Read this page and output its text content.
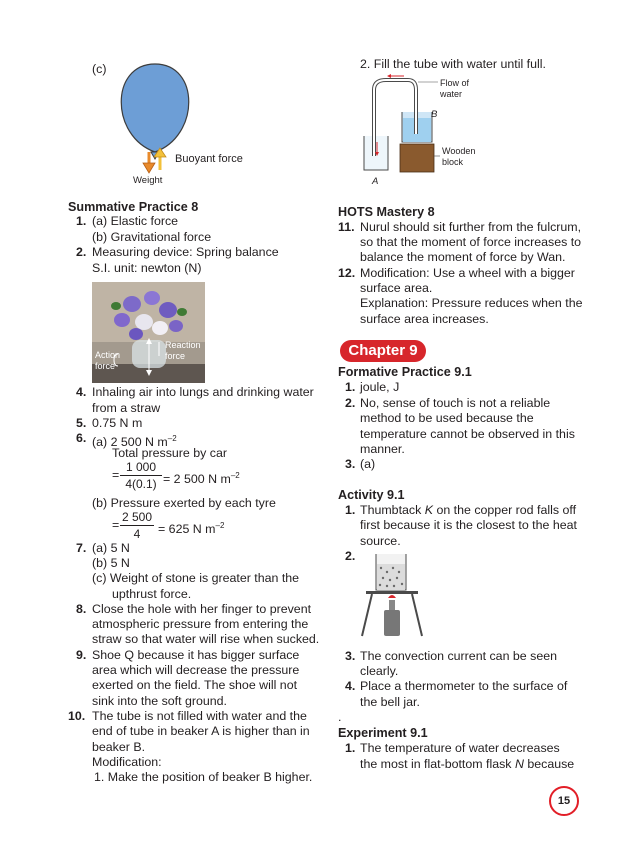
(c)
Buoyant force
Weight
Summative Practice 8
1. (a) Elastic force
(b) Gravitational force
2. Measuring device: Spring balance
S.I. unit: newton (N)
Reaction
force
Action
force
4. Inhaling air into lungs and drinking water
from a straw
5. 0.75 N m
6. (a) 2 500 N $m^{-2}$
Total pressure by car
=
1 000
4(0.1) = 2 500 N $m^{-2}$
(b) Pressure exerted by each tyre
=
2 500
4	= 625 N $m^{-2}$
7. (a) 5 N
(b) 5 N
(c) Weight of stone is greater than the
upthrust force.
8. Close the hole with her finger to prevent
atmospheric pressure from entering the
straw so that water will rise when sucked.
9. Shoe Q because it has bigger surface
area which will decrease the pressure
exerted on the field. The shoe will not
sink into the soft ground.
10. The tube is not filled with water and the
end of tube in beaker A is higher than in
beaker B.
Modification:
1. Make the position of beaker B higher.
2. Fill the tube with water until full.
Flow of
water
B
Wooden
block
A
HOTS Mastery 8
11. Nurul should sit further from the fulcrum,
so that the moment of force increases to
balance the moment of force by Wan.
12. Modification: Use a wheel with a bigger
surface area.
Explanation: Pressure reduces when the
surface area increases.
Chapter 9
Formative Practice 9.1
1. joule, J
2. No, sense of touch is not a reliable
method to be used because the
temperature cannot be observed in this
manner.
3. (a)
Activity 9.1
1. Thumbtack K on the copper rod falls off
first because it is the closest to the heat
source.
2.
3. The convection current can be seen
clearly.
4. Place a thermometer to the surface of
the bell jar.
.
Experiment 9.1
1. The temperature of water decreases
the most in flat-bottom flask N because
15
